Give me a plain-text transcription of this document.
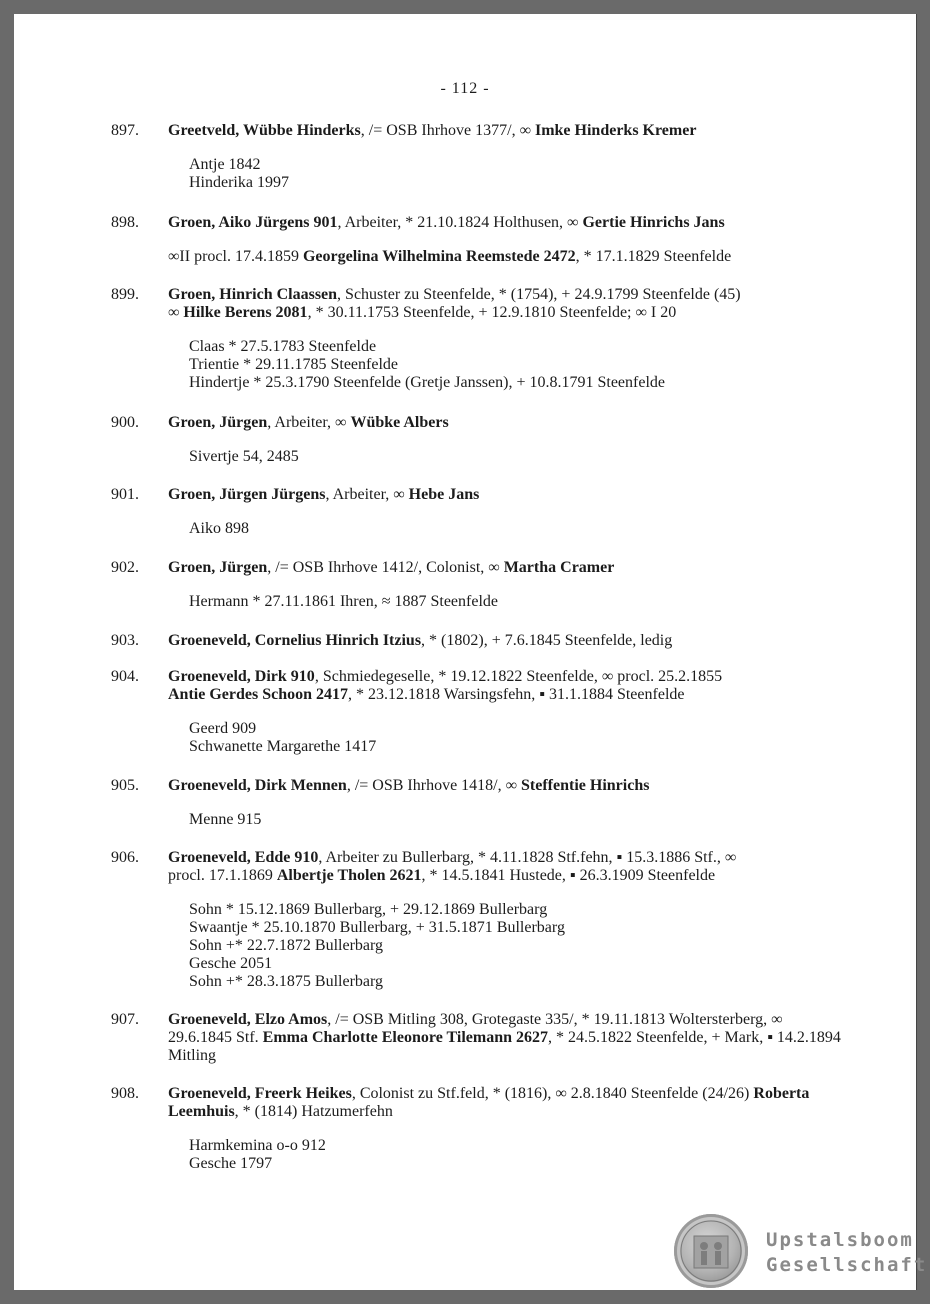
- 112 -
897.	Greetveld, Wübbe Hinderks, /= OSB Ihrhove 1377/, ∞ Imke Hinderks Kremer
Antje 1842
Hinderika 1997
898.	Groen, Aiko Jürgens 901, Arbeiter, * 21.10.1824 Holthusen, ∞ Gertie Hinrichs Jans
∞II procl. 17.4.1859 Georgelina Wilhelmina Reemstede 2472, * 17.1.1829 Steenfelde
899.	Groen, Hinrich Claassen, Schuster zu Steenfelde, * (1754), + 24.9.1799 Steenfelde (45)
∞ Hilke Berens 2081, * 30.11.1753 Steenfelde, + 12.9.1810 Steenfelde; ∞ I 20
Claas * 27.5.1783 Steenfelde
Trientie * 29.11.1785 Steenfelde
Hindertje * 25.3.1790 Steenfelde (Gretje Janssen), + 10.8.1791 Steenfelde
900.	Groen, Jürgen, Arbeiter, ∞ Wübke Albers
Sivertje 54, 2485
901.	Groen, Jürgen Jürgens, Arbeiter, ∞ Hebe Jans
Aiko 898
902.	Groen, Jürgen, /= OSB Ihrhove 1412/, Colonist, ∞ Martha Cramer
Hermann * 27.11.1861 Ihren, ≈ 1887 Steenfelde
903.	Groeneveld, Cornelius Hinrich Itzius, * (1802), + 7.6.1845 Steenfelde, ledig
904.	Groeneveld, Dirk 910, Schmiedegeselle, * 19.12.1822 Steenfelde, ∞ procl. 25.2.1855
Antie Gerdes Schoon 2417, * 23.12.1818 Warsingsfehn, ▪ 31.1.1884 Steenfelde
Geerd 909
Schwanette Margarethe 1417
905.	Groeneveld, Dirk Mennen, /= OSB Ihrhove 1418/, ∞ Steffentie Hinrichs
Menne 915
906.	Groeneveld, Edde 910, Arbeiter zu Bullerbarg, * 4.11.1828 Stf.fehn, ▪ 15.3.1886 Stf., ∞
procl. 17.1.1869 Albertje Tholen 2621, * 14.5.1841 Hustede, ▪ 26.3.1909 Steenfelde
Sohn * 15.12.1869 Bullerbarg, + 29.12.1869 Bullerbarg
Swaantje * 25.10.1870 Bullerbarg, + 31.5.1871 Bullerbarg
Sohn +* 22.7.1872 Bullerbarg
Gesche 2051
Sohn +* 28.3.1875 Bullerbarg
907.	Groeneveld, Elzo Amos, /= OSB Mitling 308, Grotegaste 335/, * 19.11.1813 Woltersterberg, ∞ 29.6.1845 Stf. Emma Charlotte Eleonore Tilemann 2627, * 24.5.1822 Steenfelde, + Mark, ▪ 14.2.1894 Mitling
908.	Groeneveld, Freerk Heikes, Colonist zu Stf.feld, * (1816), ∞ 2.8.1840 Steenfelde (24/26) Roberta Leemhuis, * (1814) Hatzumerfehn
Harmkemina o-o 912
Gesche 1797
Upstalsboom
Gesellschaft
